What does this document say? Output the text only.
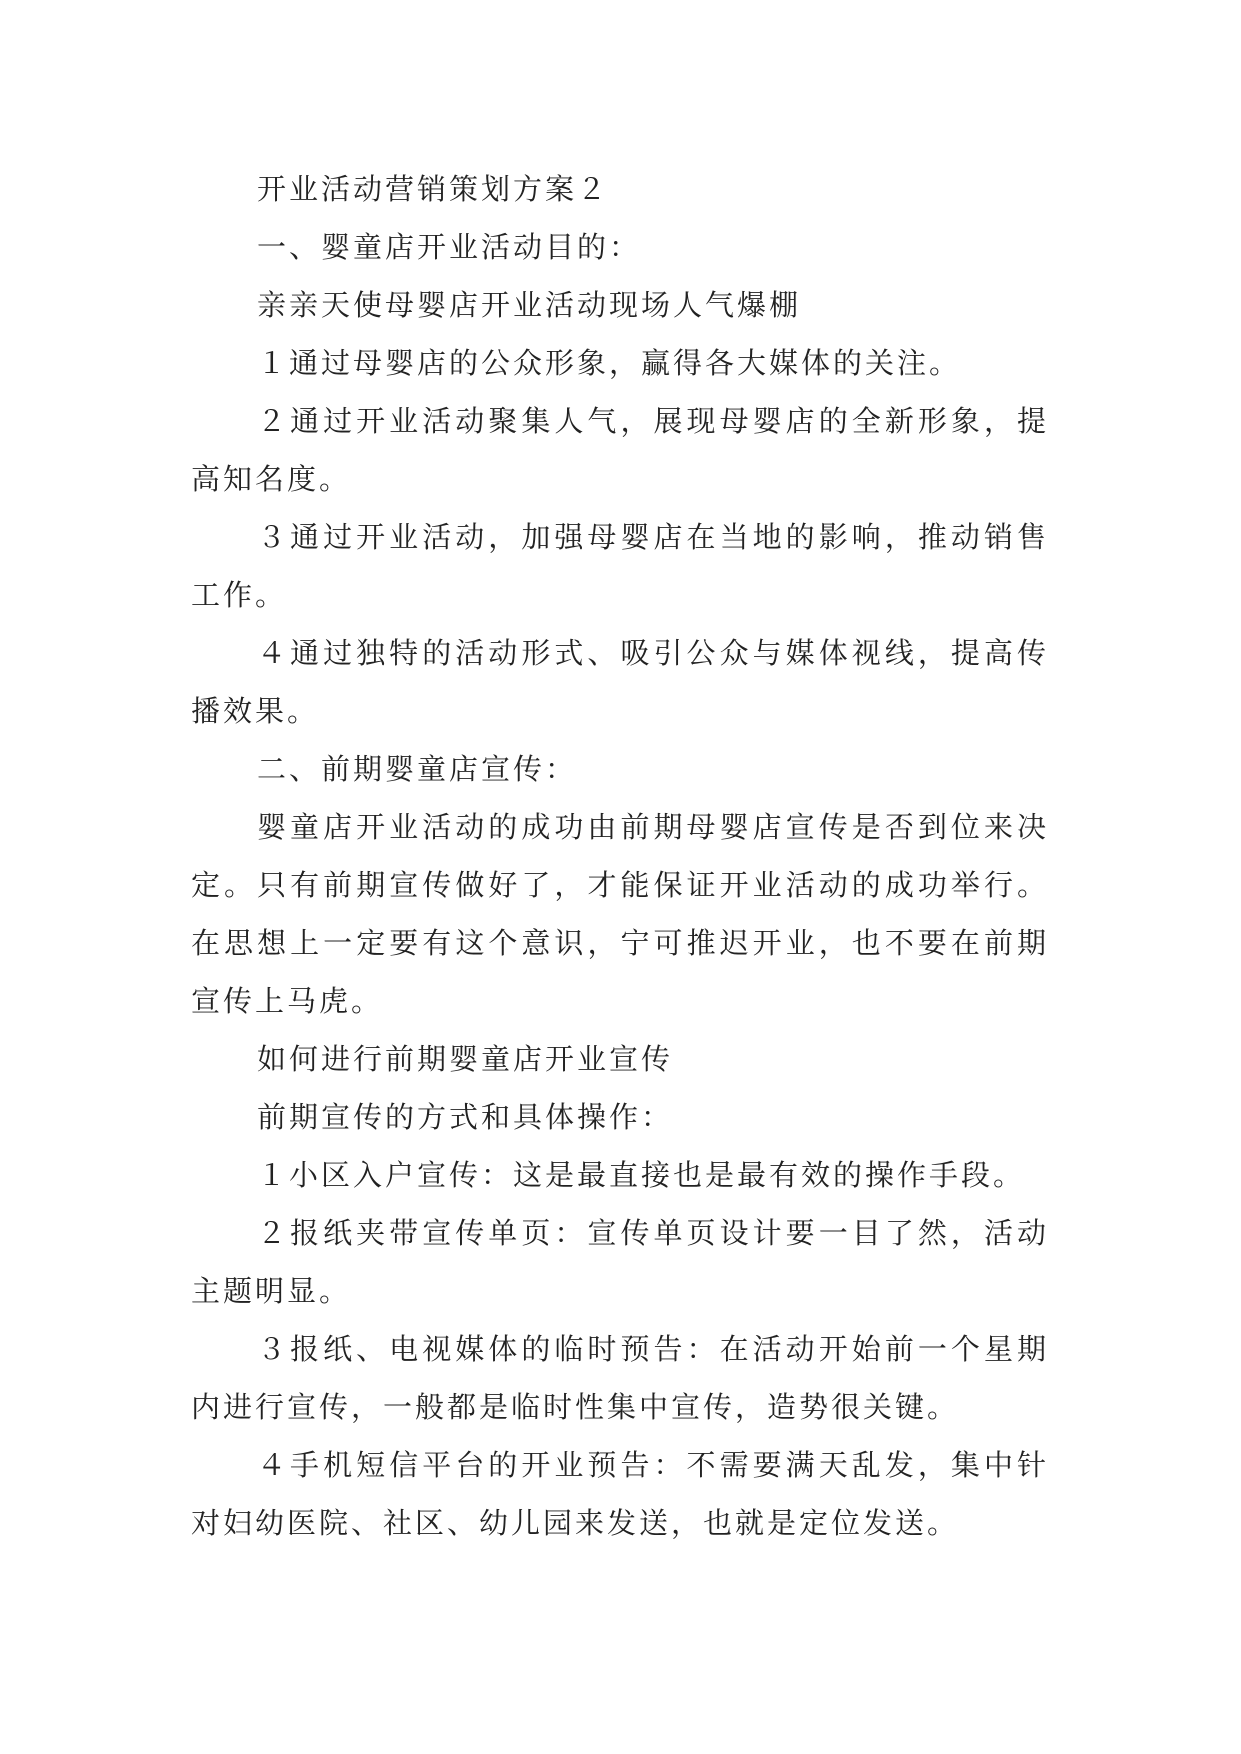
开业活动营销策划方案２

一、婴童店开业活动目的：

亲亲天使母婴店开业活动现场人气爆棚

１通过母婴店的公众形象，赢得各大媒体的关注。

２通过开业活动聚集人气，展现母婴店的全新形象，提高知名度。

３通过开业活动，加强母婴店在当地的影响，推动销售工作。

４通过独特的活动形式、吸引公众与媒体视线，提高传播效果。

二、前期婴童店宣传：

婴童店开业活动的成功由前期母婴店宣传是否到位来决定。只有前期宣传做好了，才能保证开业活动的成功举行。在思想上一定要有这个意识，宁可推迟开业，也不要在前期宣传上马虎。

如何进行前期婴童店开业宣传

前期宣传的方式和具体操作：

１小区入户宣传：这是最直接也是最有效的操作手段。

２报纸夹带宣传单页：宣传单页设计要一目了然，活动主题明显。

３报纸、电视媒体的临时预告：在活动开始前一个星期内进行宣传，一般都是临时性集中宣传，造势很关键。

４手机短信平台的开业预告：不需要满天乱发，集中针对妇幼医院、社区、幼儿园来发送，也就是定位发送。
